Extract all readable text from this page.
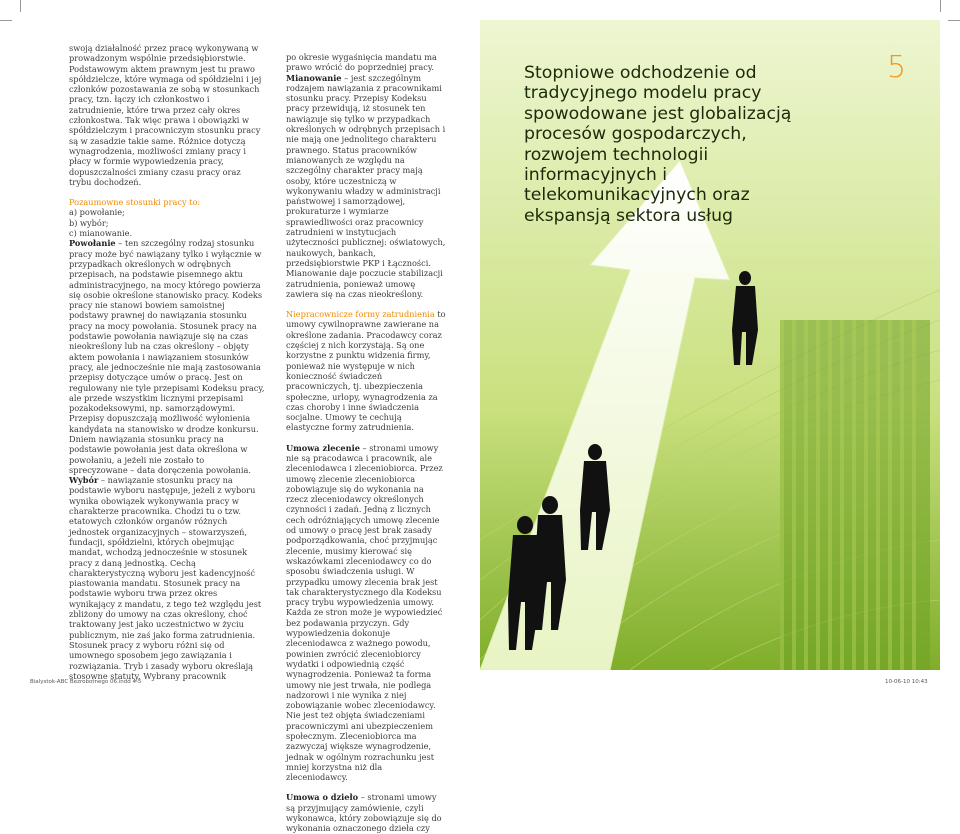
swoją działalność przez pracę wykonywaną w prowadzonym wspólnie przedsiębiorstwie. Podstawowym aktem prawnym jest tu prawo spółdzielcze, które wymaga od spółdzielni i jej członków pozostawania ze sobą w stosunkach pracy, tzn. łączy ich członkostwo i zatrudnienie, które trwa przez cały okres członkostwa. Tak więc prawa i obowiązki w spółdzielczym i pracowniczym stosunku pracy są w zasadzie takie same. Różnice dotyczą wynagrodzenia, możliwości zmiany pracy i płacy w formie wypowiedzenia pracy, dopuszczalności zmiany czasu pracy oraz trybu dochodzeń.

Pozaumowne stosunki pracy to:

a) powołanie;

b) wybór;

c) mianowanie.

Powołanie – ten szczególny rodzaj stosunku pracy może być nawiązany tylko i wyłącznie w przypadkach określonych w odrębnych przepisach, na podstawie pisemnego aktu administracyjnego, na mocy którego powierza się osobie określone stanowisko pracy. Kodeks pracy nie stanowi bowiem samoistnej podstawy prawnej do nawiązania stosunku pracy na mocy powołania. Stosunek pracy na podstawie powołania nawiązuje się na czas nieokreślony lub na czas określony – objęty aktem powołania i nawiązaniem stosunków pracy, ale jednocześnie nie mają zastosowania przepisy dotyczące umów o pracę. Jest on regulowany nie tyle przepisami Kodeksu pracy, ale przede wszystkim licznymi przepisami pozakodeksowymi, np. samorządowymi.

Przepisy dopuszczają możliwość wyłonienia kandydata na stanowisko w drodze konkursu. Dniem nawiązania stosunku pracy na podstawie powołania jest data określona w powołaniu, a jeżeli nie zostało to sprecyzowane – data doręczenia powołania.

Wybór – nawiązanie stosunku pracy na podstawie wyboru następuje, jeżeli z wyboru wynika obowiązek wykonywania pracy w charakterze pracownika. Chodzi tu o tzw. etatowych członków organów różnych jednostek organizacyjnych – stowarzyszeń, fundacji, spółdzielni, których obejmując mandat, wchodzą jednocześnie w stosunek pracy z daną jednostką. Cechą charakterystyczną wyboru jest kadencyjność piastowania mandatu. Stosunek pracy na podstawie wyboru trwa przez okres wynikający z mandatu, z tego też względu jest zbliżony do umowy na czas określony, choć traktowany jest jako uczestnictwo w życiu publicznym, nie zaś jako forma zatrudnienia. Stosunek pracy z wyboru różni się od umownego sposobem jego zawiązania i rozwiązania. Tryb i zasady wyboru określają stosowne statuty. Wybrany pracownik

Stopniowe odchodzenie od tradycyjnego modelu pracy spowodowane jest globalizacją procesów gospodarczych, rozwojem technologii informacyjnych i telekomunikacyjnych oraz ekspansją sektora usług
5

po okresie wygaśnięcia mandatu ma prawo wrócić do poprzedniej pracy.

Mianowanie – jest szczególnym rodzajem nawiązania z pracownikami stosunku pracy. Przepisy Kodeksu pracy przewidują, iż stosunek ten nawiązuje się tylko w przypadkach określonych w odrębnych przepisach i nie mają one jednolitego charakteru prawnego. Status pracowników mianowanych ze względu na szczególny charakter pracy mają osoby, które uczestniczą w wykonywaniu władzy w administracji państwowej i samorządowej, prokuraturze i wymiarze sprawiedliwości oraz pracownicy zatrudnieni w instytucjach użyteczności publicznej: oświatowych, naukowych, bankach, przedsiębiorstwie PKP i Łączności. Mianowanie daje poczucie stabilizacji zatrudnienia, ponieważ umowę zawiera się na czas nieokreślony.

Niepracownicze formy zatrudnienia to umowy cywilnoprawne zawierane na określone zadania. Pracodawcy coraz częściej z nich korzystają. Są one korzystne z punktu widzenia firmy, ponieważ nie występuje w nich konieczność świadczeń pracowniczych, tj. ubezpieczenia społeczne, urlopy, wynagrodzenia za czas choroby i inne świadczenia socjalne. Umowy te cechują elastyczne formy zatrudnienia.

Umowa zlecenie – stronami umowy nie są pracodawca i pracownik, ale zleceniodawca i zleceniobiorca. Przez umowę zlecenie zleceniobiorca zobowiązuje się do wykonania na rzecz zleceniodawcy określonych czynności i zadań. Jedną z licznych cech odróżniających umowę zlecenie od umowy o pracę jest brak zasady podporządkowania, choć przyjmując zlecenie, musimy kierować się wskazówkami zleceniodawcy co do sposobu świadczenia usługi. W przypadku umowy zlecenia brak jest tak charakterystycznego dla Kodeksu pracy trybu wypowiedzenia umowy. Każda ze stron może je wypowiedzieć bez podawania przyczyn. Gdy wypowiedzenia dokonuje zleceniodawca z ważnego powodu, powinien zwrócić zleceniobiorcy wydatki i odpowiednią część wynagrodzenia. Ponieważ ta forma umowy nie jest trwała, nie podlega nadzorowi i nie wynika z niej zobowiązanie wobec zleceniodawcy. Nie jest też objęta świadczeniami pracowniczymi ani ubezpieczeniem społecznym. Zleceniobiorca ma zazwyczaj większe wynagrodzenie, jednak w ogólnym rozrachunku jest mniej korzystna niż dla zleceniodawcy.

Umowa o dzieło – stronami umowy są przyjmujący zamówienie, czyli wykonawca, który zobowiązuje się do wykonania oznaczonego dzieła czy

Bialystok-ABC Bezrobotnego 06.indd 4-5	10-06-10 10:43
